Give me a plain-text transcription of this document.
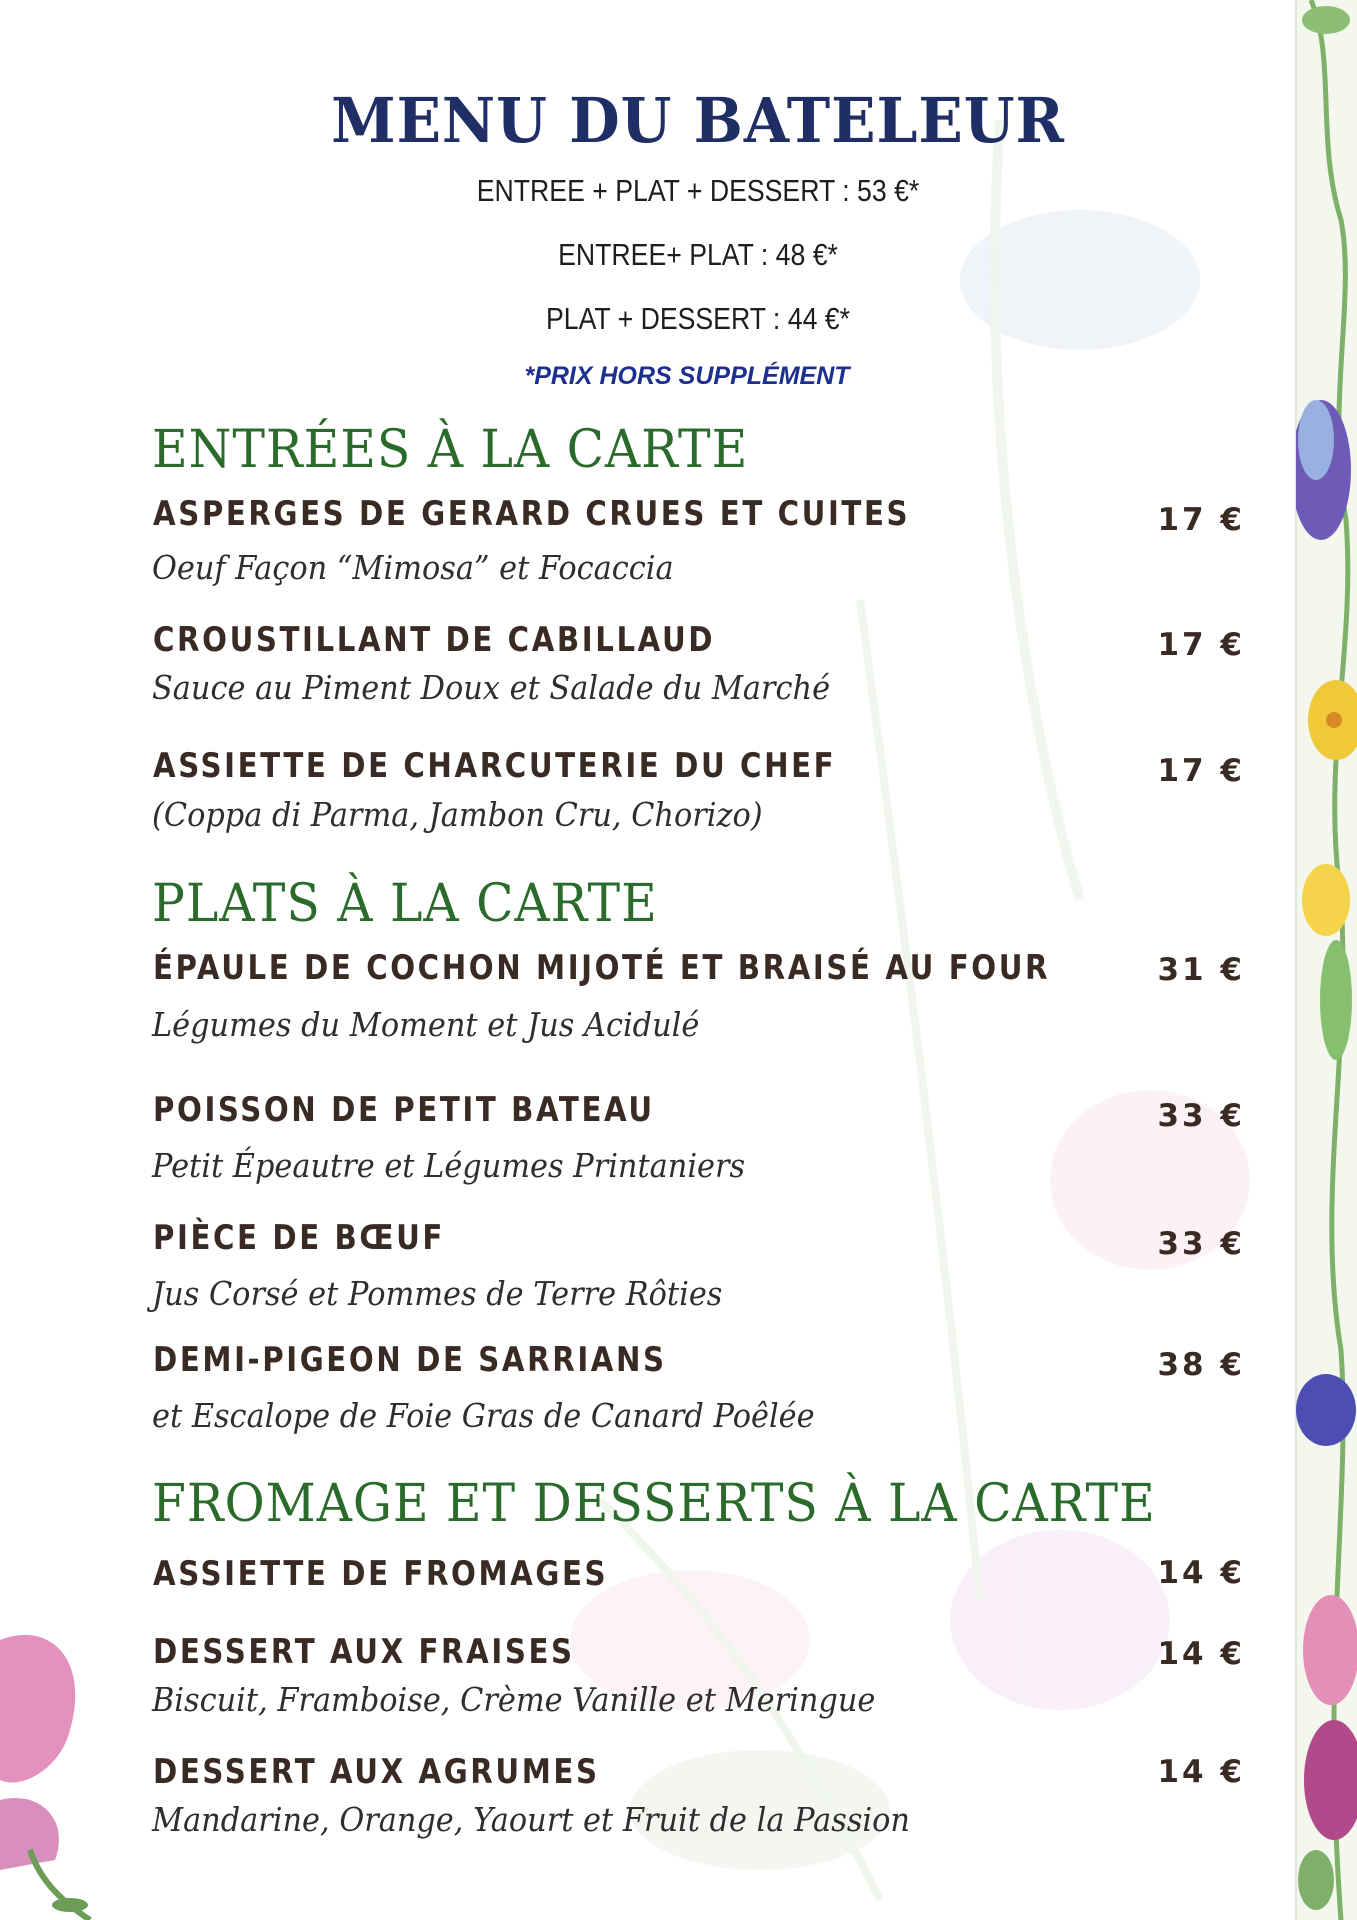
MENU DU BATELEUR
ENTREE + PLAT + DESSERT : 53 €*
ENTREE+ PLAT : 48 €*
PLAT + DESSERT : 44 €*
*PRIX HORS SUPPLÉMENT
ENTRÉES À LA CARTE
ASPERGES DE GERARD CRUES ET CUITES	17 €
Oeuf Façon “Mimosa” et Focaccia
CROUSTILLANT DE CABILLAUD	17 €
Sauce au Piment Doux et Salade du Marché
ASSIETTE DE CHARCUTERIE DU CHEF	17 €
(Coppa di Parma, Jambon Cru, Chorizo)
PLATS À LA CARTE
ÉPAULE DE COCHON MIJOTÉ ET BRAISÉ AU FOUR	31 €
Légumes du Moment et Jus Acidulé
POISSON DE PETIT BATEAU	33 €
Petit Épeautre et Légumes Printaniers
PIÈCE DE BŒUF	33 €
Jus Corsé et Pommes de Terre Rôties
DEMI-PIGEON DE SARRIANS	38 €
et Escalope de Foie Gras de Canard Poêlée
FROMAGE ET DESSERTS À LA CARTE
ASSIETTE DE FROMAGES	14 €
DESSERT AUX FRAISES	14 €
Biscuit, Framboise, Crème Vanille et Meringue
DESSERT AUX AGRUMES	14 €
Mandarine, Orange, Yaourt et Fruit de la Passion
